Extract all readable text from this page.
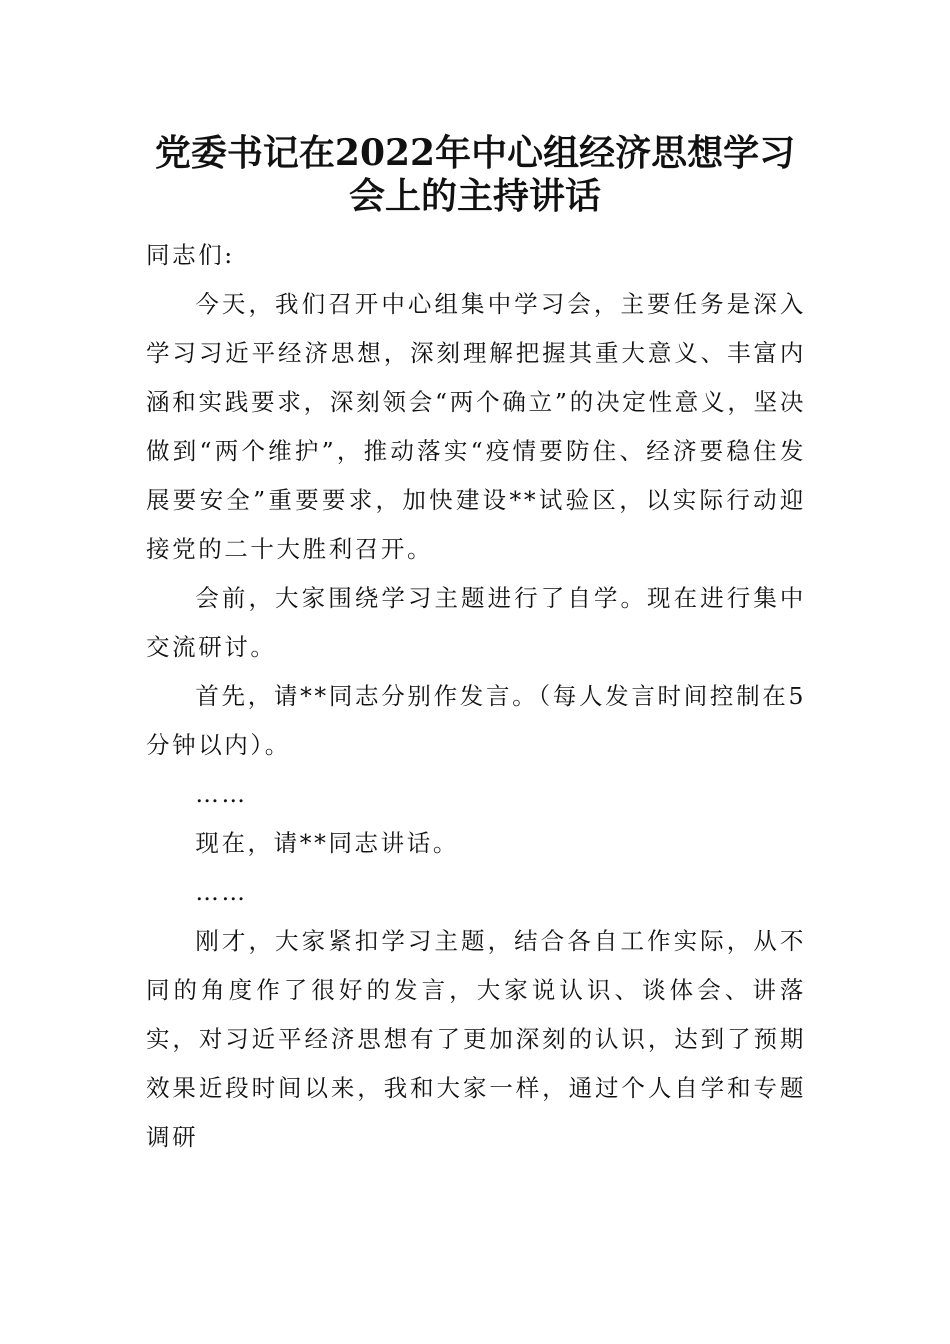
党委书记在2022年中心组经济思想学习
会上的主持讲话

同志们:

今天，我们召开中心组集中学习会，主要任务是深入学习习近平经济思想，深刻理解把握其重大意义、丰富内涵和实践要求，深刻领会“两个确立”的决定性意义，坚决做到“两个维护”，推动落实“疫情要防住、经济要稳住发展要安全”重要要求，加快建设**试验区，以实际行动迎接党的二十大胜利召开。

会前，大家围绕学习主题进行了自学。现在进行集中交流研讨。

首先，请**同志分别作发言。（每人发言时间控制在5分钟以内）。

……

现在，请**同志讲话。

……

刚才，大家紧扣学习主题，结合各自工作实际，从不同的角度作了很好的发言，大家说认识、谈体会、讲落实，对习近平经济思想有了更加深刻的认识，达到了预期效果近段时间以来，我和大家一样，通过个人自学和专题调研
